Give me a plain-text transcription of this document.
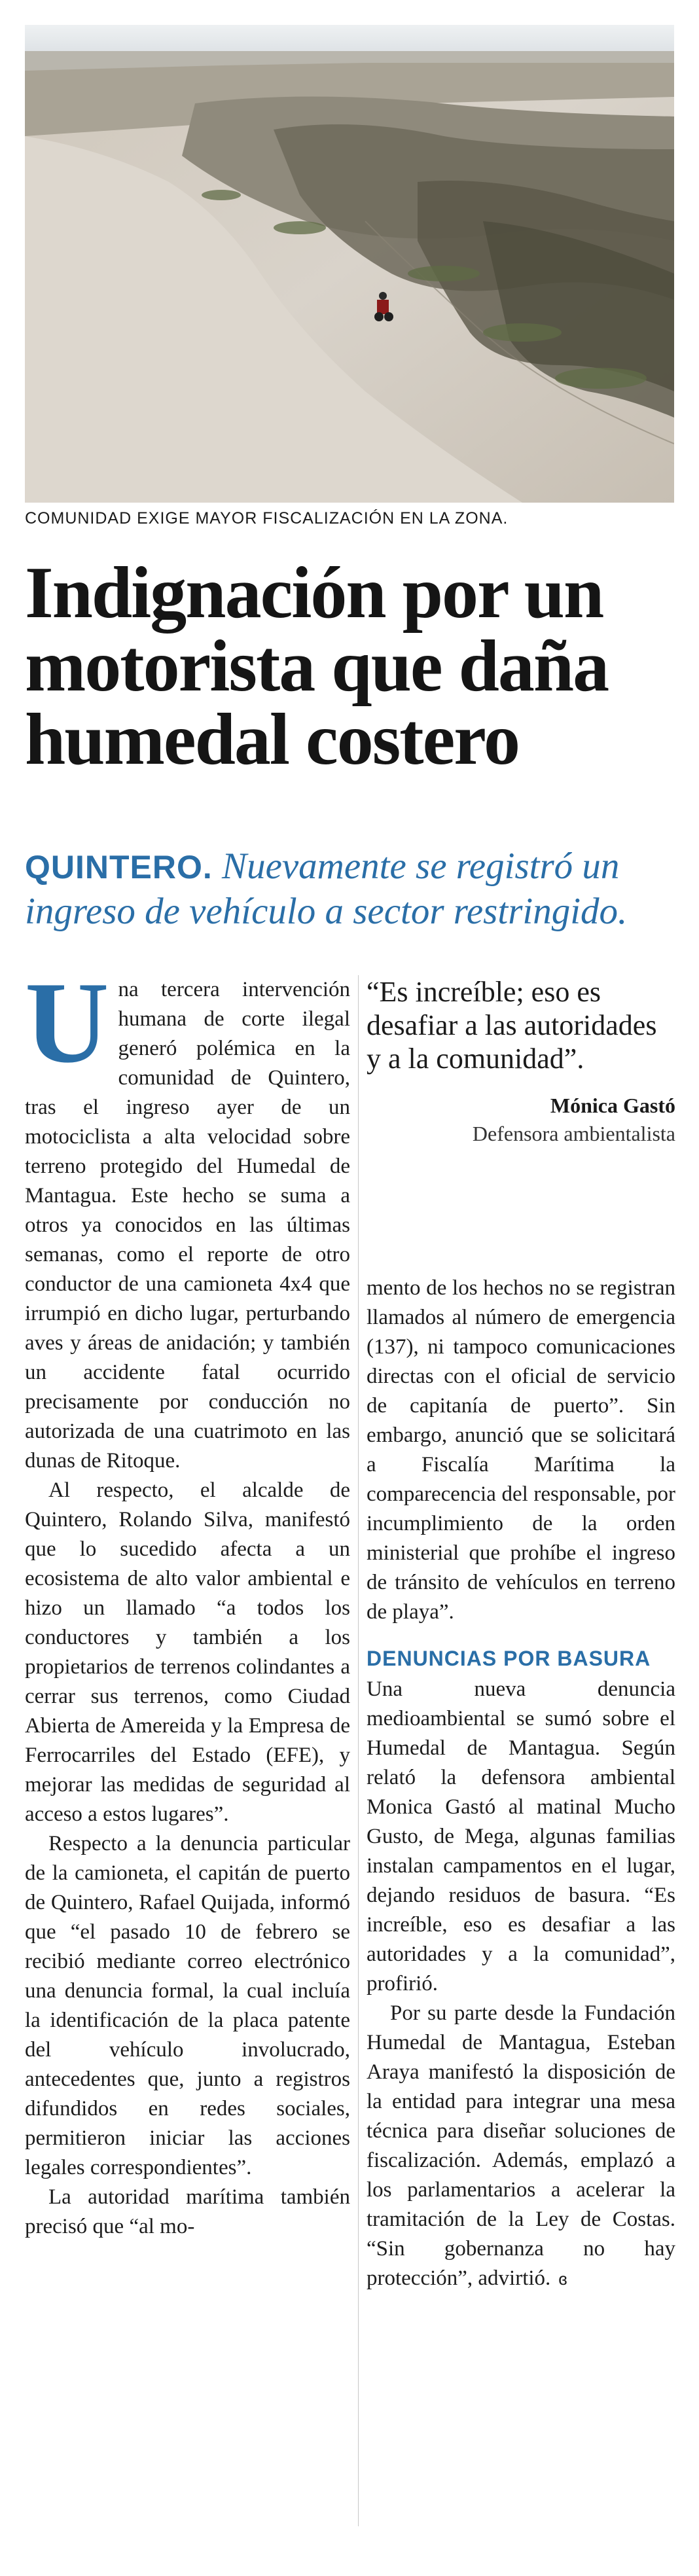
COMUNIDAD EXIGE MAYOR FISCALIZACIÓN EN LA ZONA.
Indignación por un
motorista que daña
humedal costero
QUINTERO. Nuevamente se registró un ingreso de vehículo a sector restringido.

Una tercera intervención humana de corte ilegal generó polémica en la comunidad de Quintero, tras el ingreso ayer de un motociclista a alta velocidad sobre terreno protegido del Humedal de Mantagua. Este hecho se suma a otros ya conocidos en las últimas semanas, como el reporte de otro conductor de una camioneta 4x4 que irrumpió en dicho lugar, perturbando aves y áreas de anidación; y también un accidente fatal ocurrido precisamente por conducción no autorizada de una cuatrimoto en las dunas de Ritoque.

Al respecto, el alcalde de Quintero, Rolando Silva, manifestó que lo sucedido afecta a un ecosistema de alto valor ambiental e hizo un llamado “a todos los conductores y también a los propietarios de terrenos colindantes a cerrar sus terrenos, como Ciudad Abierta de Amereida y la Empresa de Ferrocarriles del Estado (EFE), y mejorar las medidas de seguridad al acceso a estos lugares”.

Respecto a la denuncia particular de la camioneta, el capitán de puerto de Quintero, Rafael Quijada, informó que “el pasado 10 de febrero se recibió mediante correo electrónico una denuncia formal, la cual incluía la identificación de la placa patente del vehículo involucrado, antecedentes que, junto a registros difundidos en redes sociales, permitieron iniciar las acciones legales correspondientes”.

La autoridad marítima también precisó que “al mo-

“Es increíble; eso es desafiar a las autoridades y a la comunidad”.
Mónica Gastó
Defensora ambientalista

mento de los hechos no se registran llamados al número de emergencia (137), ni tampoco comunicaciones directas con el oficial de servicio de capitanía de puerto”. Sin embargo, anunció que se solicitará a Fiscalía Marítima la comparecencia del responsable, por incumplimiento de la orden ministerial que prohíbe el ingreso de tránsito de vehículos en terreno de playa”.

DENUNCIAS POR BASURA

Una nueva denuncia medioambiental se sumó sobre el Humedal de Mantagua. Según relató la defensora ambiental Monica Gastó al matinal Mucho Gusto, de Mega, algunas familias instalan campamentos en el lugar, dejando residuos de basura. “Es increíble, eso es desafiar a las autoridades y a la comunidad”, profirió.

Por su parte desde la Fundación Humedal de Mantagua, Esteban Araya manifestó la disposición de la entidad para integrar una mesa técnica para diseñar soluciones de fiscalización. Además, emplazó a los parlamentarios a acelerar la tramitación de la Ley de Costas. “Sin gobernanza no hay protección”, advirtió. ɞ
